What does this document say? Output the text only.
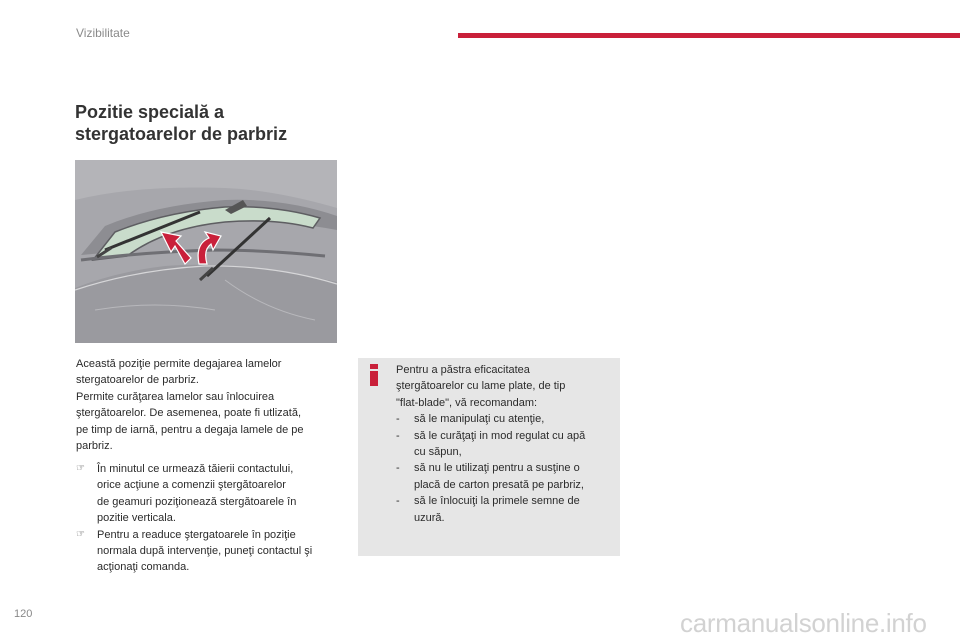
Vizibilitate
Pozitie specială a
stergatoarelor de parbriz

Această poziţie permite degajarea lamelor

stergatoarelor de parbriz.

Permite curăţarea lamelor sau înlocuirea

ştergătoarelor. De asemenea, poate fi utlizată,

pe timp de iarnă, pentru a degaja lamele de pe

parbriz.

☞ În minutul ce urmează tăierii contactului,
orice acţiune a comenzii ştergătoarelor
de geamuri poziţionează stergătoarele în
pozitie verticala.
☞ Pentru a readuce ştergatoarele în poziţie
normala după intervenţie, puneţi contactul şi
acţionaţi comanda.

Pentru a păstra eficacitatea

ştergătoarelor cu lame plate, de tip

"flat-blade", vă recomandam:

- să le manipulaţi cu atenţie,
- să le curăţaţi in mod regulat cu apă
cu săpun,
- să nu le utilizaţi pentru a susţine o
placă de carton presată pe parbriz,
- să le înlocuiţi la primele semne de
uzură.
120	carmanualsonline.info
